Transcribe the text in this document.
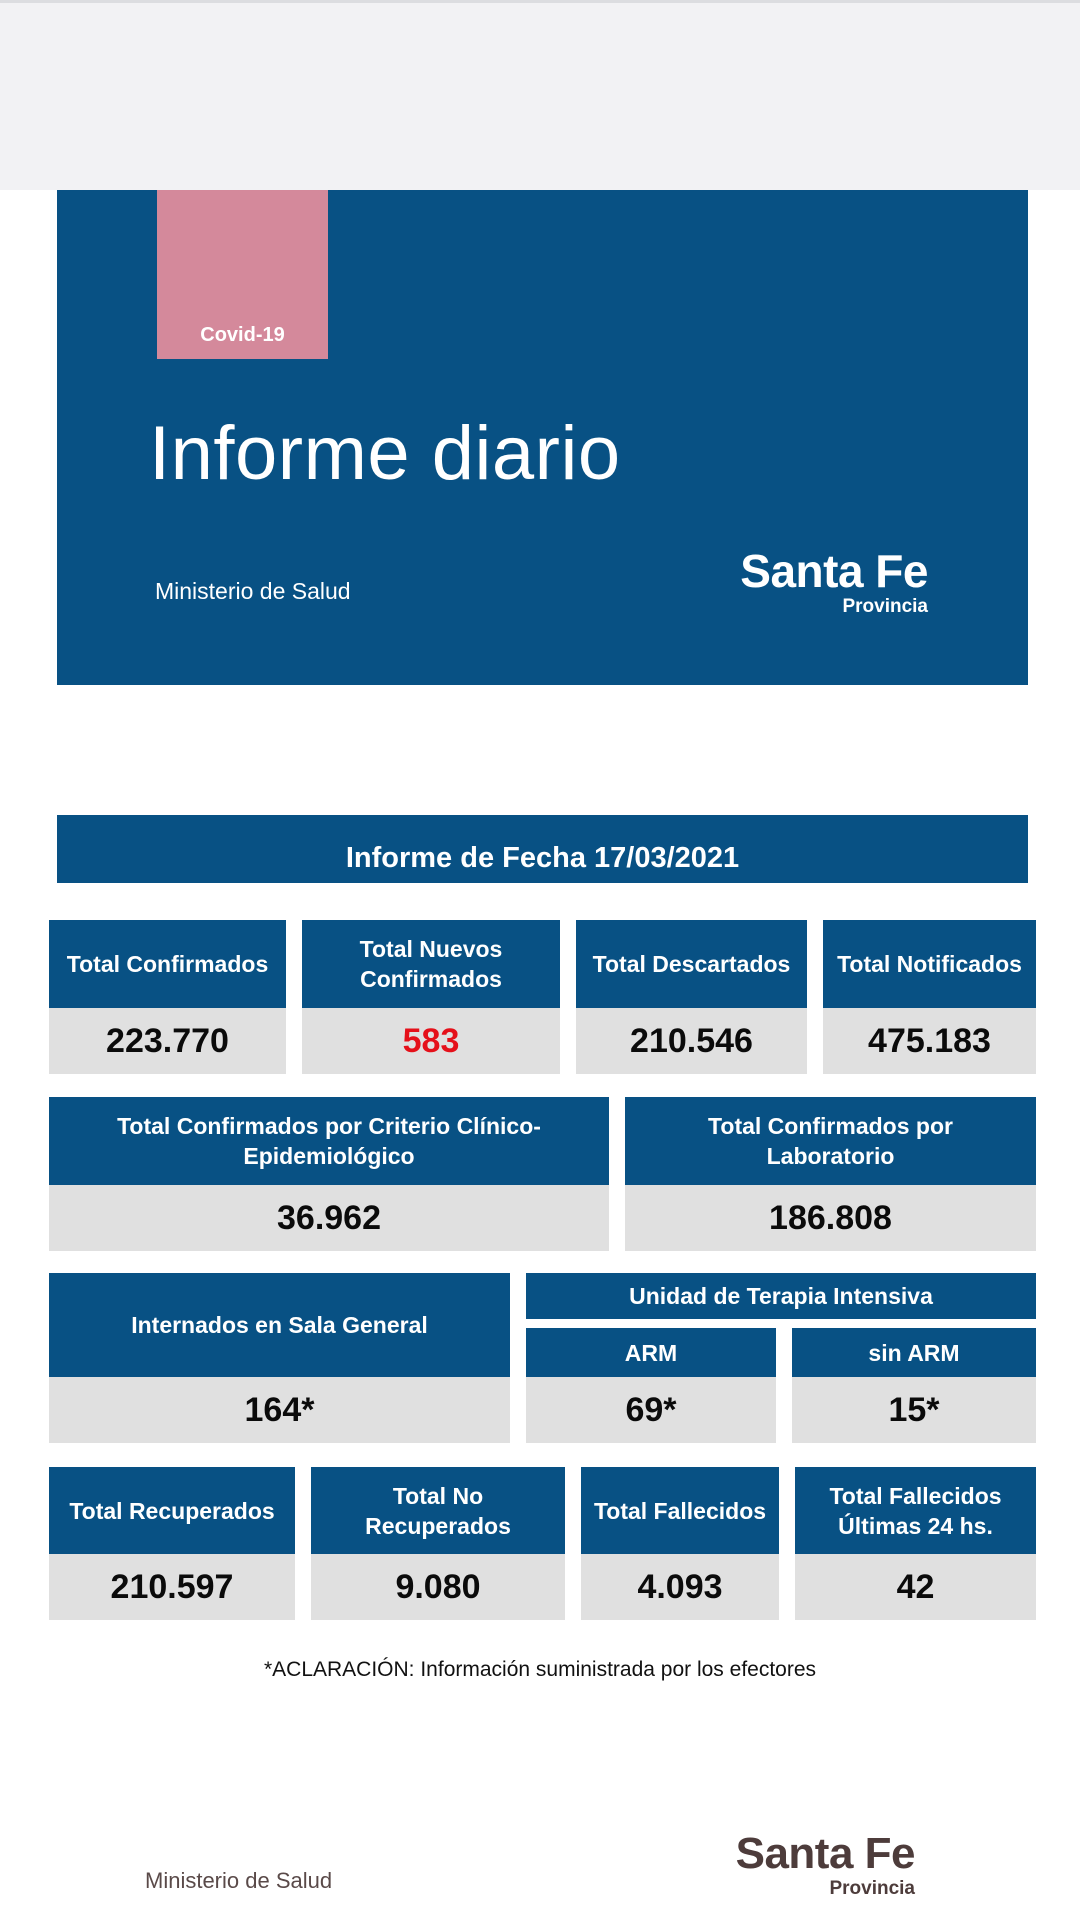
Covid-19
Informe diario
Ministerio de Salud	Santa Fe
Provincia
Informe de Fecha 17/03/2021
Total Confirmados
223.770
Total Nuevos Confirmados
583
Total Descartados
210.546
Total Notificados
475.183
Total Confirmados por Criterio Clínico-Epidemiológico
36.962
Total Confirmados por Laboratorio
186.808
Internados en Sala General
164*
Unidad de Terapia Intensiva
ARM
69*
sin ARM
15*
Total Recuperados
210.597
Total No Recuperados
9.080
Total Fallecidos
4.093
Total Fallecidos Últimas 24 hs.
42
*ACLARACIÓN: Información suministrada por los efectores
Ministerio de Salud
Santa Fe
Provincia
